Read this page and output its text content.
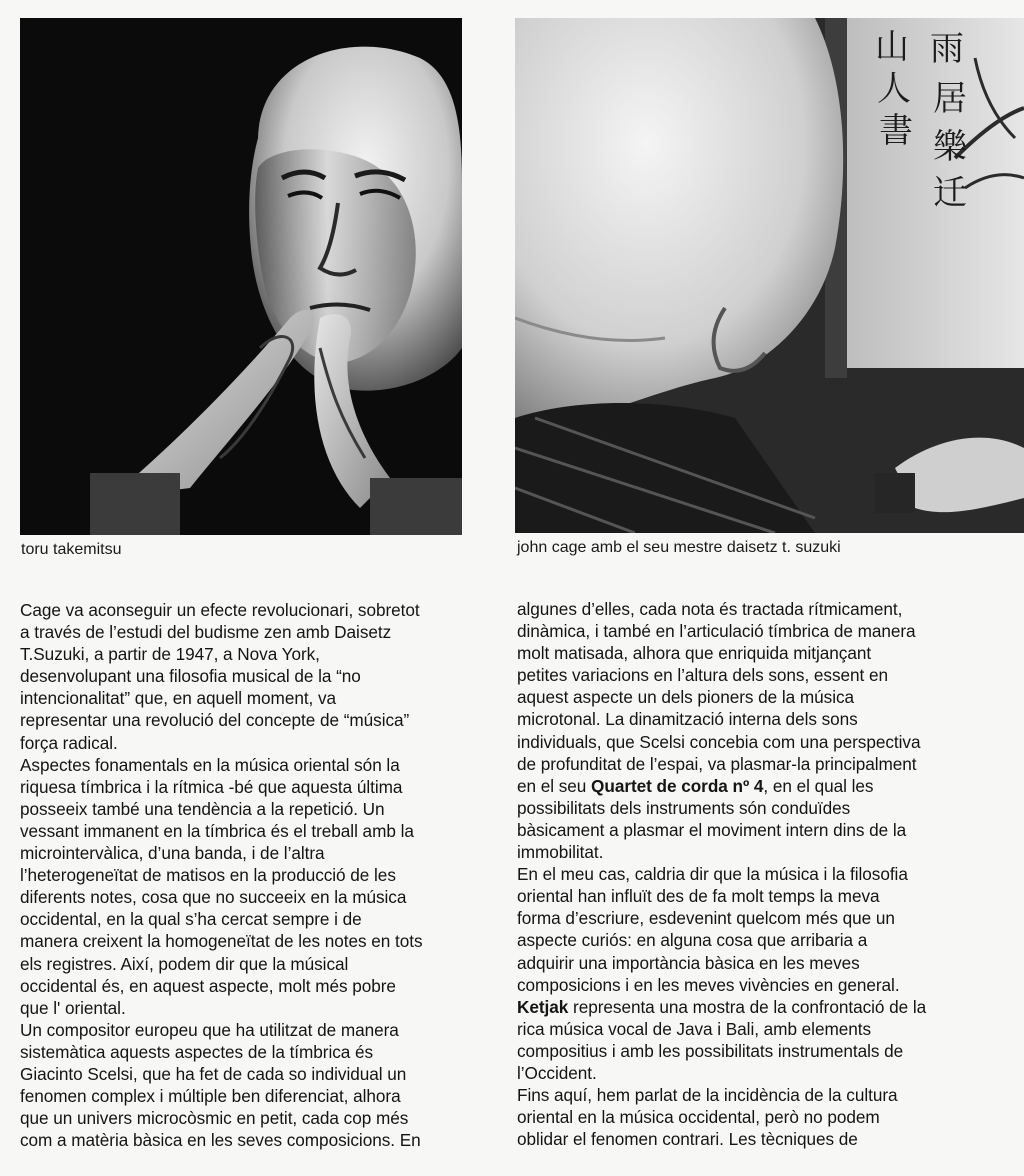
toru takemitsu
山 雨
人 居
書 樂
迁
john cage amb el seu mestre daisetz t. suzuki
Cage va aconseguir un efecte revolucionari, sobretot
a través de l’estudi del budisme zen amb Daisetz
T.Suzuki, a partir de 1947, a Nova York,
desenvolupant una filosofia musical de la “no
intencionalitat” que, en aquell moment, va
representar una revolució del concepte de “música”
força radical.
Aspectes fonamentals en la música oriental són la
riquesa tímbrica i la rítmica -bé que aquesta última
posseeix també una tendència a la repetició. Un
vessant immanent en la tímbrica és el treball amb la
microintervàlica, d’una banda, i de l’altra
l’heterogeneïtat de matisos en la producció de les
diferents notes, cosa que no succeeix en la música
occidental, en la qual s’ha cercat sempre i de
manera creixent la homogeneïtat de les notes en tots
els registres. Així, podem dir que la músical
occidental és, en aquest aspecte, molt més pobre
que l' oriental.
Un compositor europeu que ha utilitzat de manera
sistemàtica aquests aspectes de la tímbrica és
Giacinto Scelsi, que ha fet de cada so individual un
fenomen complex i múltiple ben diferenciat, alhora
que un univers microcòsmic en petit, cada cop més
com a matèria bàsica en les seves composicions. En
algunes d’elles, cada nota és tractada rítmicament,
dinàmica, i també en l’articulació tímbrica de manera
molt matisada, alhora que enriquida mitjançant
petites variacions en l’altura dels sons, essent en
aquest aspecte un dels pioners de la música
microtonal. La dinamització interna dels sons
individuals, que Scelsi concebia com una perspectiva
de profunditat de l’espai, va plasmar-la principalment
en el seu Quartet de corda nº 4, en el qual les
possibilitats dels instruments són conduïdes
bàsicament a plasmar el moviment intern dins de la
immobilitat.
En el meu cas, caldria dir que la música i la filosofia
oriental han influït des de fa molt temps la meva
forma d’escriure, esdevenint quelcom més que un
aspecte curiós: en alguna cosa que arribaria a
adquirir una importància bàsica en les meves
composicions i en les meves vivències en general.
Ketjak representa una mostra de la confrontació de la
rica música vocal de Java i Bali, amb elements
compositius i amb les possibilitats instrumentals de
l’Occident.
Fins aquí, hem parlat de la incidència de la cultura
oriental en la música occidental, però no podem
oblidar el fenomen contrari. Les tècniques de
